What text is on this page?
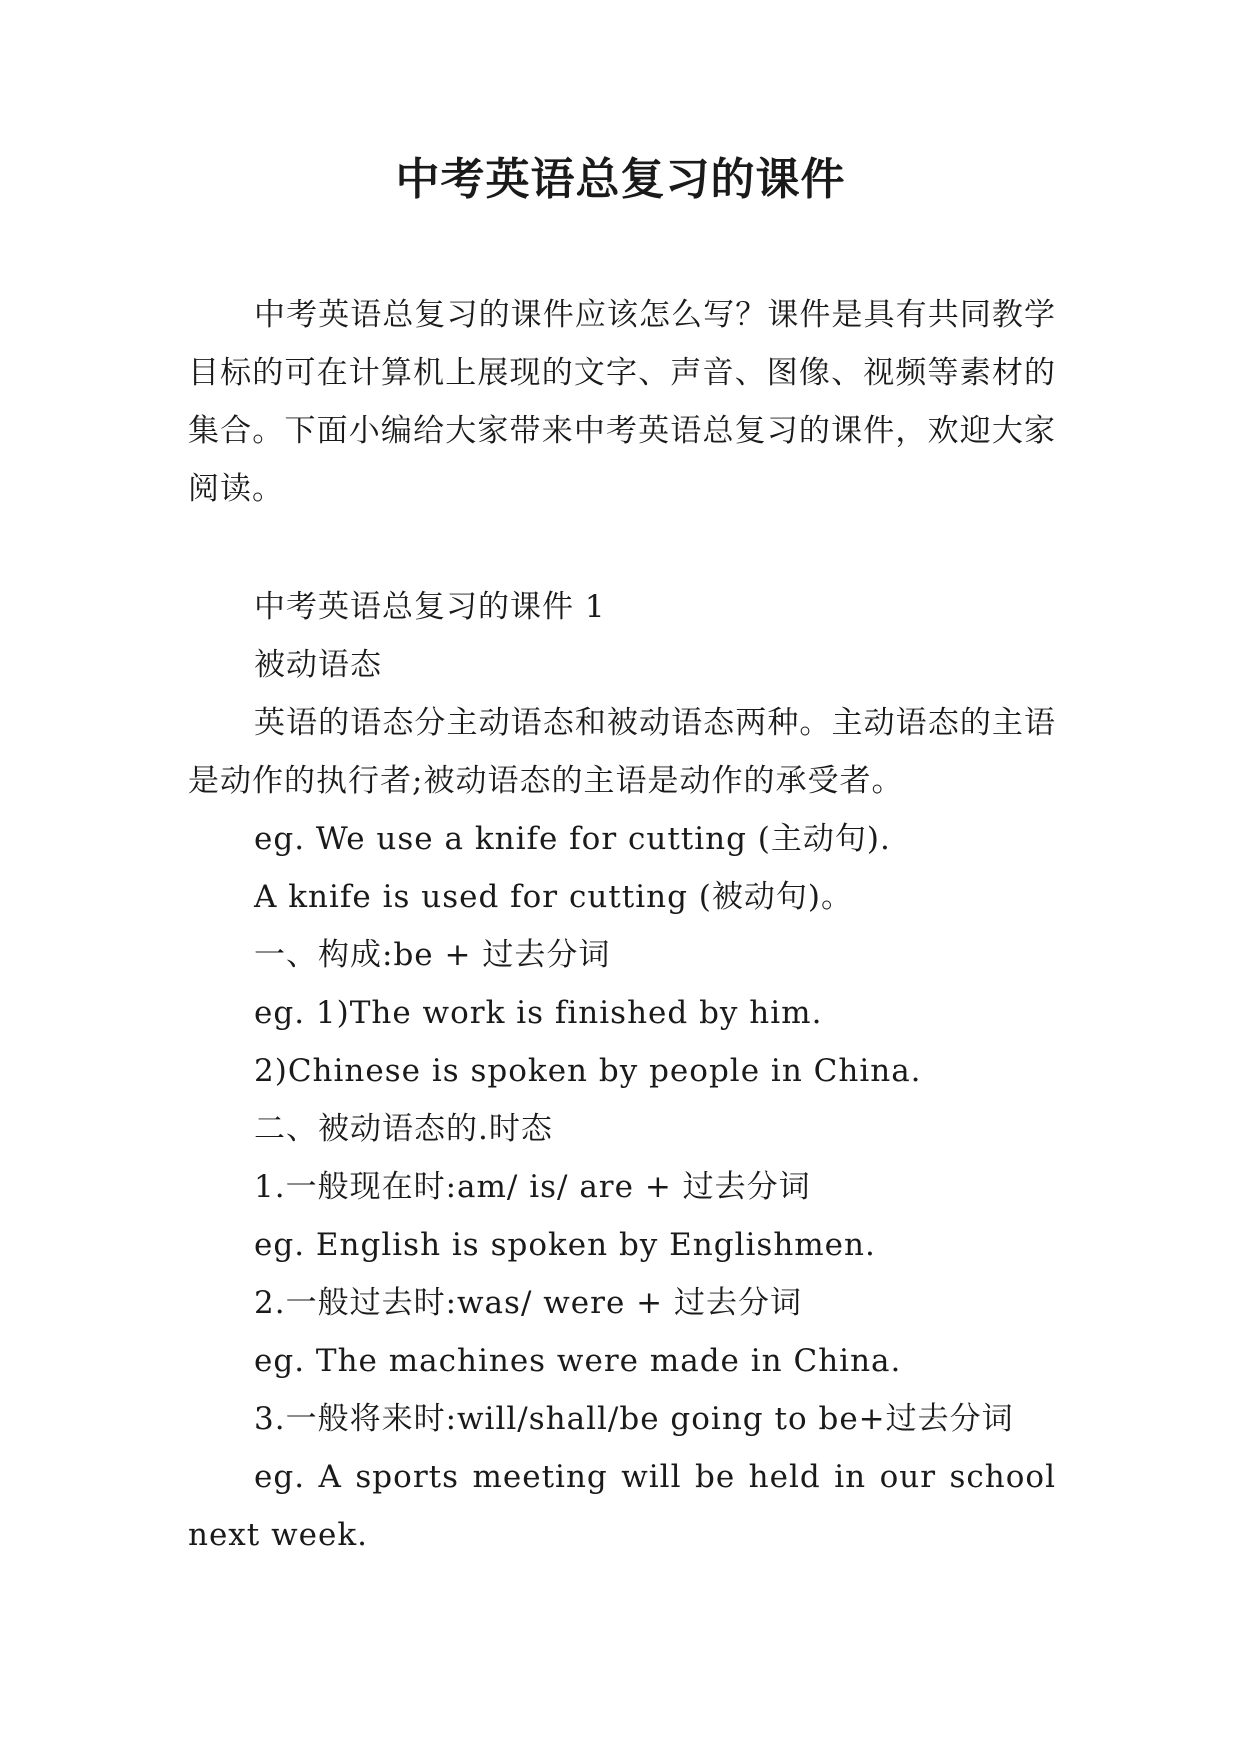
中考英语总复习的课件

中考英语总复习的课件应该怎么写？课件是具有共同教学目标的可在计算机上展现的文字、声音、图像、视频等素材的集合。下面小编给大家带来中考英语总复习的课件，欢迎大家阅读。

中考英语总复习的课件 1

被动语态

英语的语态分主动语态和被动语态两种。主动语态的主语是动作的执行者;被动语态的主语是动作的承受者。

eg. We use a knife for cutting (主动句).

A knife is used for cutting (被动句)。

一、构成:be + 过去分词

eg. 1)The work is finished by him.

2)Chinese is spoken by people in China.

二、被动语态的.时态

1.一般现在时:am/ is/ are + 过去分词

eg. English is spoken by Englishmen.

2.一般过去时:was/ were + 过去分词

eg. The machines were made in China.

3.一般将来时:will/shall/be going to be+过去分词

eg. A sports meeting will be held in our school next week.
